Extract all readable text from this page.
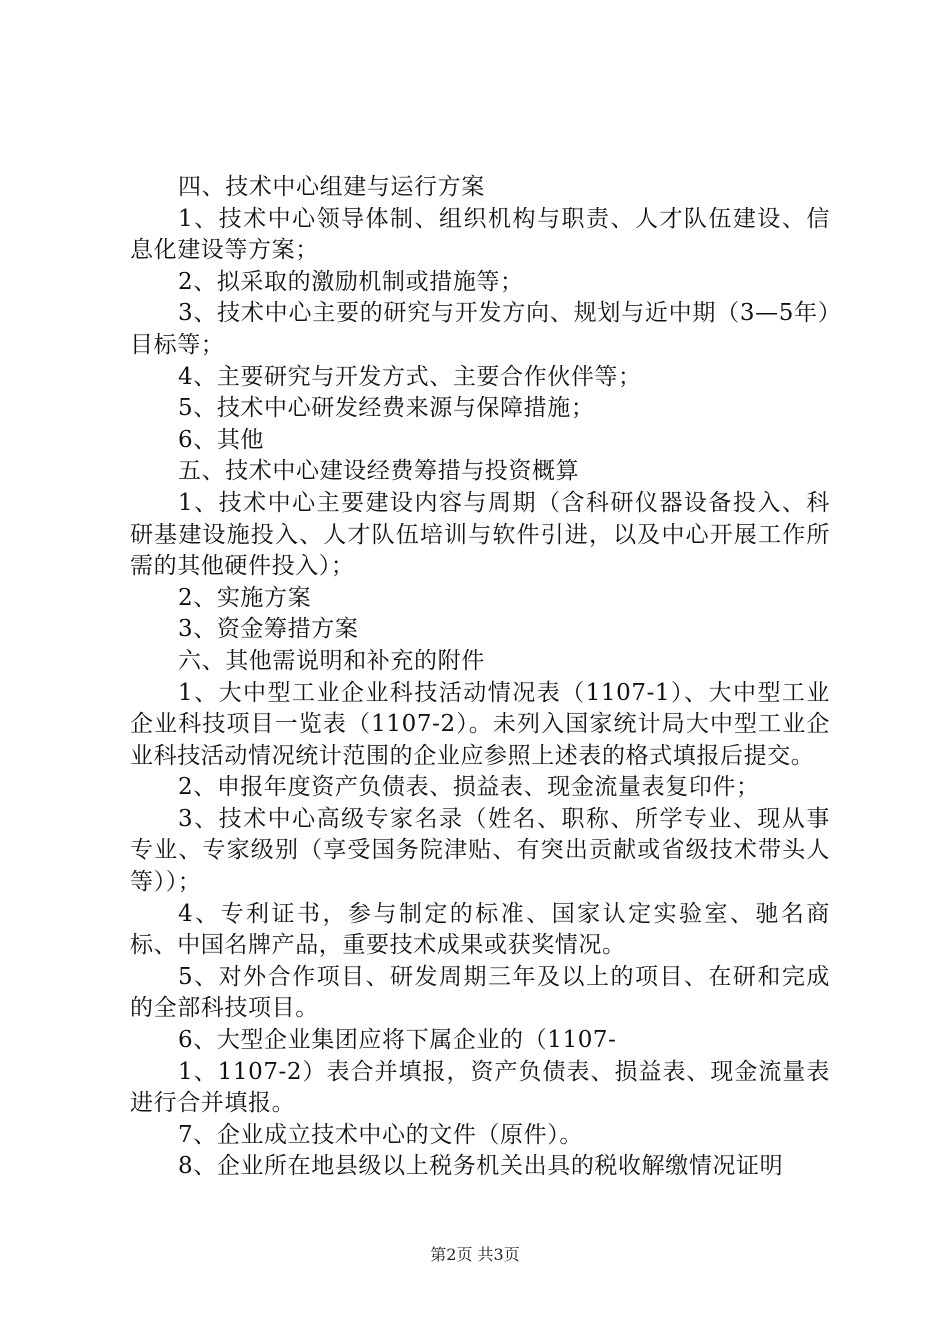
四、技术中心组建与运行方案

1、技术中心领导体制、组织机构与职责、人才队伍建设、信息化建设等方案；

2、拟采取的激励机制或措施等；

3、技术中心主要的研究与开发方向、规划与近中期（3—5年）目标等；

4、主要研究与开发方式、主要合作伙伴等；

5、技术中心研发经费来源与保障措施；

6、其他

五、技术中心建设经费筹措与投资概算

1、技术中心主要建设内容与周期（含科研仪器设备投入、科研基建设施投入、人才队伍培训与软件引进，以及中心开展工作所需的其他硬件投入）；

2、实施方案

3、资金筹措方案

六、其他需说明和补充的附件

1、大中型工业企业科技活动情况表（1107-1）、大中型工业企业科技项目一览表（1107-2）。未列入国家统计局大中型工业企业科技活动情况统计范围的企业应参照上述表的格式填报后提交。

2、申报年度资产负债表、损益表、现金流量表复印件；

3、技术中心高级专家名录（姓名、职称、所学专业、现从事专业、专家级别（享受国务院津贴、有突出贡献或省级技术带头人等））；

4、专利证书，参与制定的标准、国家认定实验室、驰名商标、中国名牌产品，重要技术成果或获奖情况。

5、对外合作项目、研发周期三年及以上的项目、在研和完成的全部科技项目。

6、大型企业集团应将下属企业的（1107-

1、1107-2）表合并填报，资产负债表、损益表、现金流量表进行合并填报。

7、企业成立技术中心的文件（原件）。

8、企业所在地县级以上税务机关出具的税收解缴情况证明

第2页 共3页
